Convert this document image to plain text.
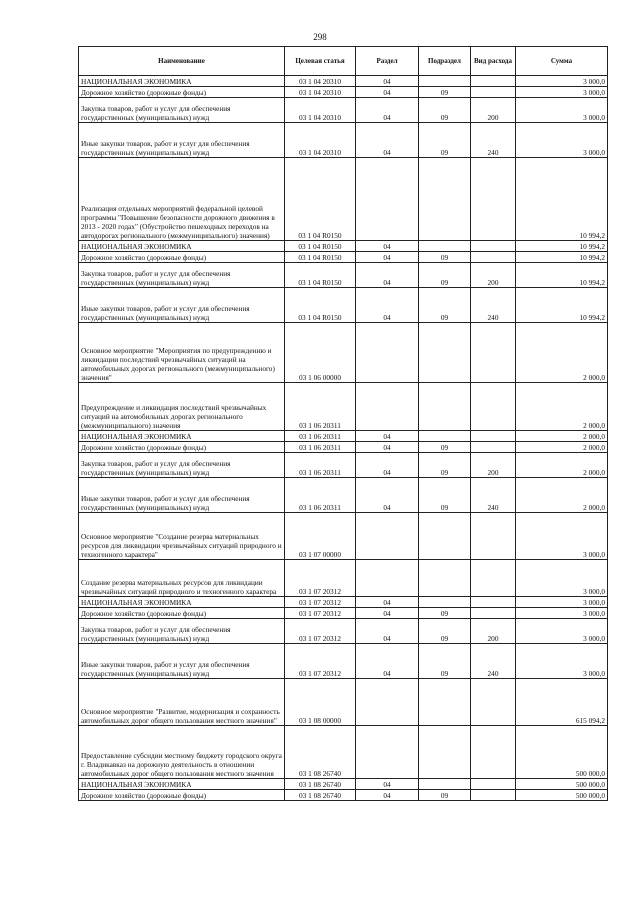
298
Наименование	Целевая статья	Раздел	Подраздел	Вид расхода	Сумма
НАЦИОНАЛЬНАЯ ЭКОНОМИКА	03 1 04 20310	04			3 000,0
Дорожное хозяйство (дорожные фонды)	03 1 04 20310	04	09		3 000,0
Закупка товаров, работ и услуг для обеспечения государственных (муниципальных) нужд	03 1 04 20310	04	09	200	3 000,0
Иные закупки товаров, работ и услуг для обеспечения государственных (муниципальных) нужд	03 1 04 20310	04	09	240	3 000,0
Реализация отдельных мероприятий федеральной целевой программы "Повышение безопасности дорожного движения в 2013 - 2020 годах" (Обустройство пешеходных переходов на автодорогах регионального (межмуниципального) значения)	03 1 04 R0150				10 994,2
НАЦИОНАЛЬНАЯ ЭКОНОМИКА	03 1 04 R0150	04			10 994,2
Дорожное хозяйство (дорожные фонды)	03 1 04 R0150	04	09		10 994,2
Закупка товаров, работ и услуг для обеспечения государственных (муниципальных) нужд	03 1 04 R0150	04	09	200	10 994,2
Иные закупки товаров, работ и услуг для обеспечения государственных (муниципальных) нужд	03 1 04 R0150	04	09	240	10 994,2
Основное мероприятие "Мероприятия по предупреждению и ликвидации последствий чрезвычайных ситуаций на автомобильных дорогах регионального (межмуниципального) значения"	03 1 06 00000				2 000,0
Предупреждение и ликвидация последствий чрезвычайных ситуаций на автомобильных дорогах регионального (межмуниципального) значения	03 1 06 20311				2 000,0
НАЦИОНАЛЬНАЯ ЭКОНОМИКА	03 1 06 20311	04			2 000,0
Дорожное хозяйство (дорожные фонды)	03 1 06 20311	04	09		2 000,0
Закупка товаров, работ и услуг для обеспечения государственных (муниципальных) нужд	03 1 06 20311	04	09	200	2 000,0
Иные закупки товаров, работ и услуг для обеспечения государственных (муниципальных) нужд	03 1 06 20311	04	09	240	2 000,0
Основное мероприятие "Создание резерва материальных ресурсов для ликвидации чрезвычайных ситуаций природного и техногенного характера"	03 1 07 00000				3 000,0
Создание резерва материальных ресурсов для ликвидации чрезвычайных ситуаций природного и техногенного характера	03 1 07 20312				3 000,0
НАЦИОНАЛЬНАЯ ЭКОНОМИКА	03 1 07 20312	04			3 000,0
Дорожное хозяйство (дорожные фонды)	03 1 07 20312	04	09		3 000,0
Закупка товаров, работ и услуг для обеспечения государственных (муниципальных) нужд	03 1 07 20312	04	09	200	3 000,0
Иные закупки товаров, работ и услуг для обеспечения государственных (муниципальных) нужд	03 1 07 20312	04	09	240	3 000,0
Основное мероприятие "Развитие, модернизация и сохранность автомобильных дорог общего пользования местного значения"	03 1 08 00000				615 094,2
Предоставление субсидии местному бюджету городского округа г. Владикавказ на дорожную деятельность в отношении автомобильных дорог общего пользования местного значения	03 1 08 26740				500 000,0
НАЦИОНАЛЬНАЯ ЭКОНОМИКА	03 1 08 26740	04			500 000,0
Дорожное хозяйство (дорожные фонды)	03 1 08 26740	04	09		500 000,0
